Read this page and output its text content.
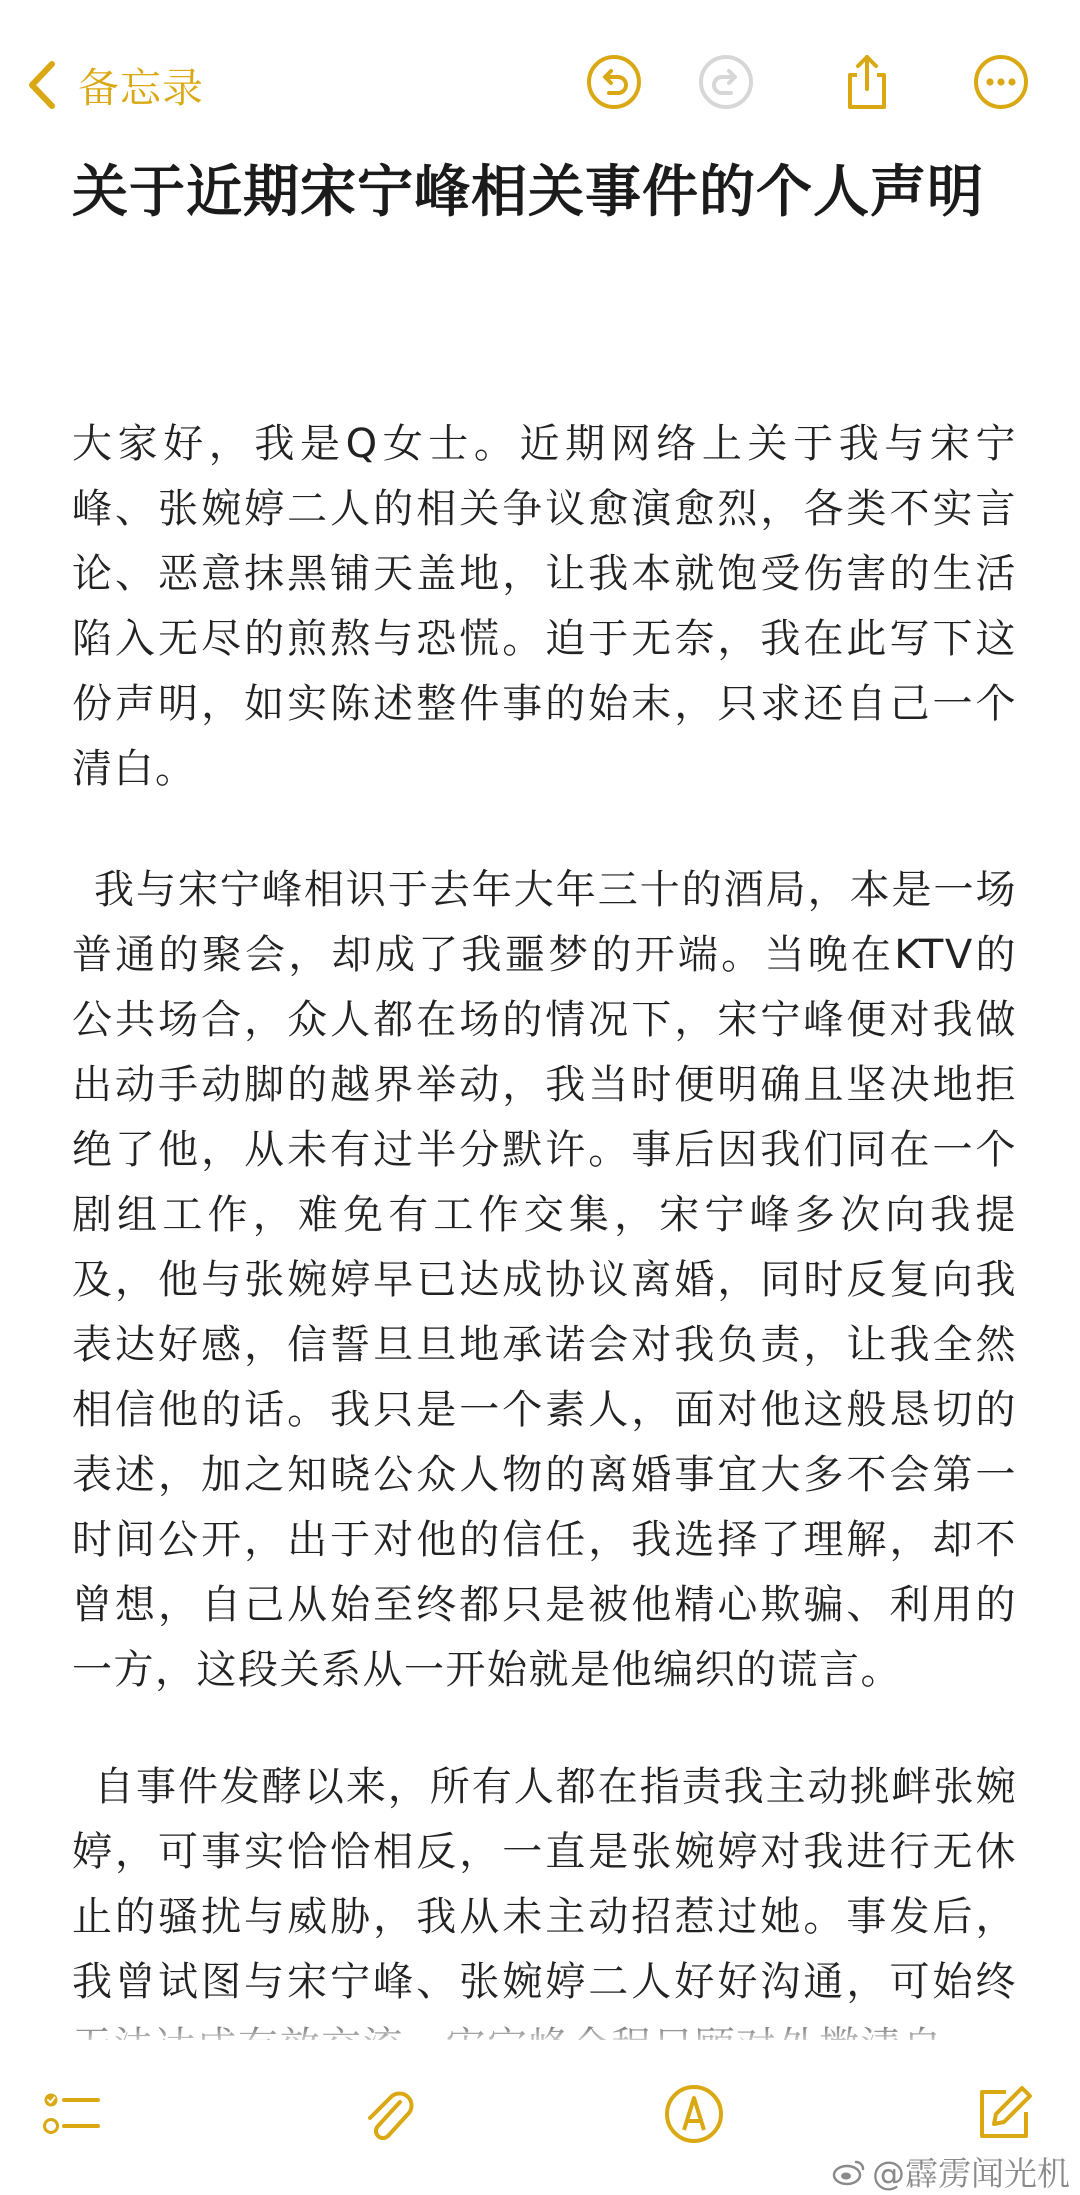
备忘录
关于近期宋宁峰相关事件的个人声明
大家好，我是Q女士。近期网络上关于我与宋宁峰、张婉婷二人的相关争议愈演愈烈，各类不实言论、恶意抹黑铺天盖地，让我本就饱受伤害的生活陷入无尽的煎熬与恐慌。迫于无奈，我在此写下这份声明，如实陈述整件事的始末，只求还自己一个清白。
我与宋宁峰相识于去年大年三十的酒局，本是一场普通的聚会，却成了我噩梦的开端。当晚在KTV的公共场合，众人都在场的情况下，宋宁峰便对我做出动手动脚的越界举动，我当时便明确且坚决地拒绝了他，从未有过半分默许。事后因我们同在一个剧组工作，难免有工作交集，宋宁峰多次向我提及，他与张婉婷早已达成协议离婚，同时反复向我表达好感，信誓旦旦地承诺会对我负责，让我全然相信他的话。我只是一个素人，面对他这般恳切的表述，加之知晓公众人物的离婚事宜大多不会第一时间公开，出于对他的信任，我选择了理解，却不曾想，自己从始至终都只是被他精心欺骗、利用的一方，这段关系从一开始就是他编织的谎言。
自事件发酵以来，所有人都在指责我主动挑衅张婉婷，可事实恰恰相反，一直是张婉婷对我进行无休止的骚扰与威胁，我从未主动招惹过她。事发后，我曾试图与宋宁峰、张婉婷二人好好沟通，可始终
@霹雳闻光机
